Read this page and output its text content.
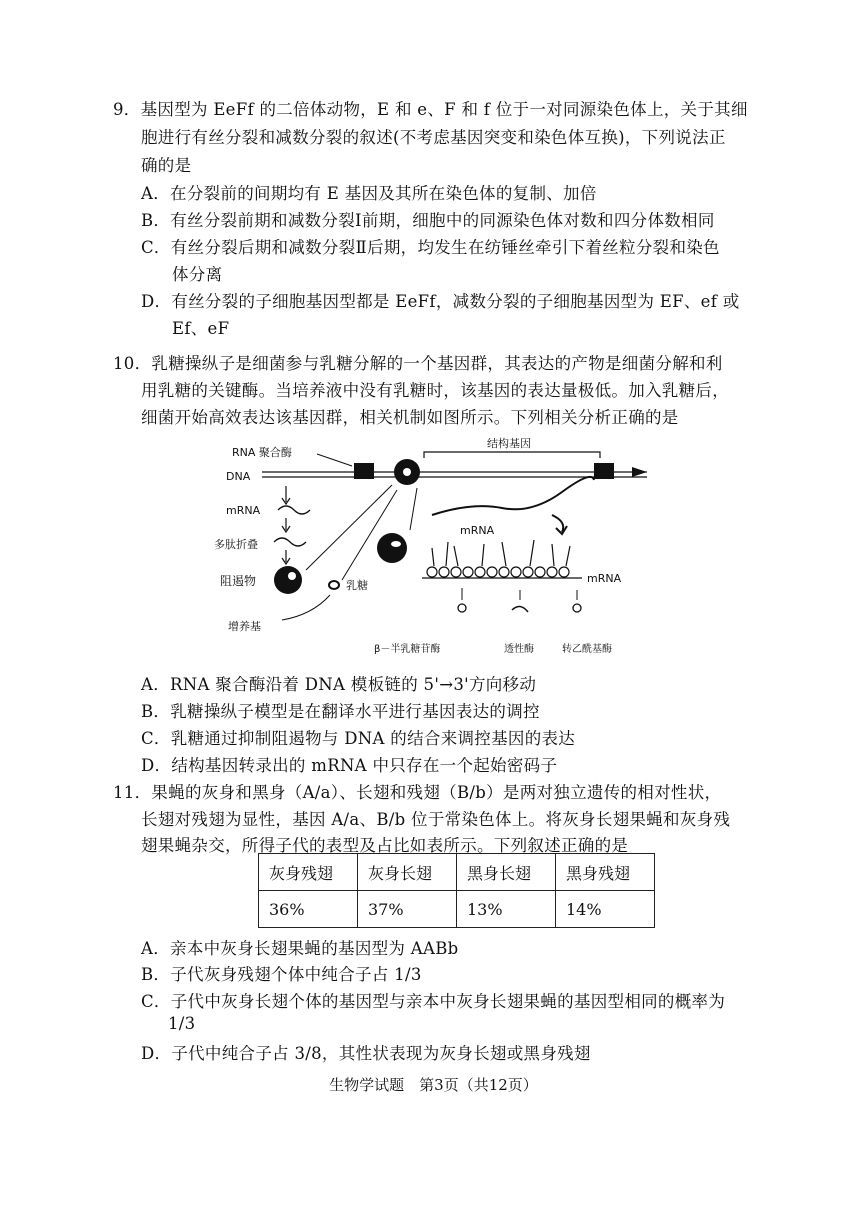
9．基因型为 EeFf 的二倍体动物，E 和 e、F 和 f 位于一对同源染色体上，关于其细
胞进行有丝分裂和减数分裂的叙述(不考虑基因突变和染色体互换)，下列说法正
确的是
A．在分裂前的间期均有 E 基因及其所在染色体的复制、加倍
B．有丝分裂前期和减数分裂Ⅰ前期，细胞中的同源染色体对数和四分体数相同
C．有丝分裂后期和减数分裂Ⅱ后期，均发生在纺锤丝牵引下着丝粒分裂和染色
体分离
D．有丝分裂的子细胞基因型都是 EeFf，减数分裂的子细胞基因型为 EF、ef 或
Ef、eF
10．乳糖操纵子是细菌参与乳糖分解的一个基因群，其表达的产物是细菌分解和利
用乳糖的关键酶。当培养液中没有乳糖时，该基因的表达量极低。加入乳糖后，
细菌开始高效表达该基因群，相关机制如图所示。下列相关分析正确的是
结构基因
RNA 聚合酶
DNA
mRNA
多肽折叠
阻遏物	乳糖
增养基
mRNA
mRNA
β－半乳糖苷酶	透性酶	转乙酰基酶
A．RNA 聚合酶沿着 DNA 模板链的 5'→3'方向移动
B．乳糖操纵子模型是在翻译水平进行基因表达的调控
C．乳糖通过抑制阻遏物与 DNA 的结合来调控基因的表达
D．结构基因转录出的 mRNA 中只存在一个起始密码子
11．果蝇的灰身和黑身（A/a）、长翅和残翅（B/b）是两对独立遗传的相对性状，
长翅对残翅为显性，基因 A/a、B/b 位于常染色体上。将灰身长翅果蝇和灰身残
翅果蝇杂交，所得子代的表型及占比如表所示。下列叙述正确的是
灰身残翅	灰身长翅	黑身长翅	黑身残翅
36%	37%	13%	14%
A．亲本中灰身长翅果蝇的基因型为 AABb
B．子代灰身残翅个体中纯合子占 1/3
C．子代中灰身长翅个体的基因型与亲本中灰身长翅果蝇的基因型相同的概率为
1/3
D．子代中纯合子占 3/8，其性状表现为灰身长翅或黑身残翅
生物学试题　第3页（共12页）
